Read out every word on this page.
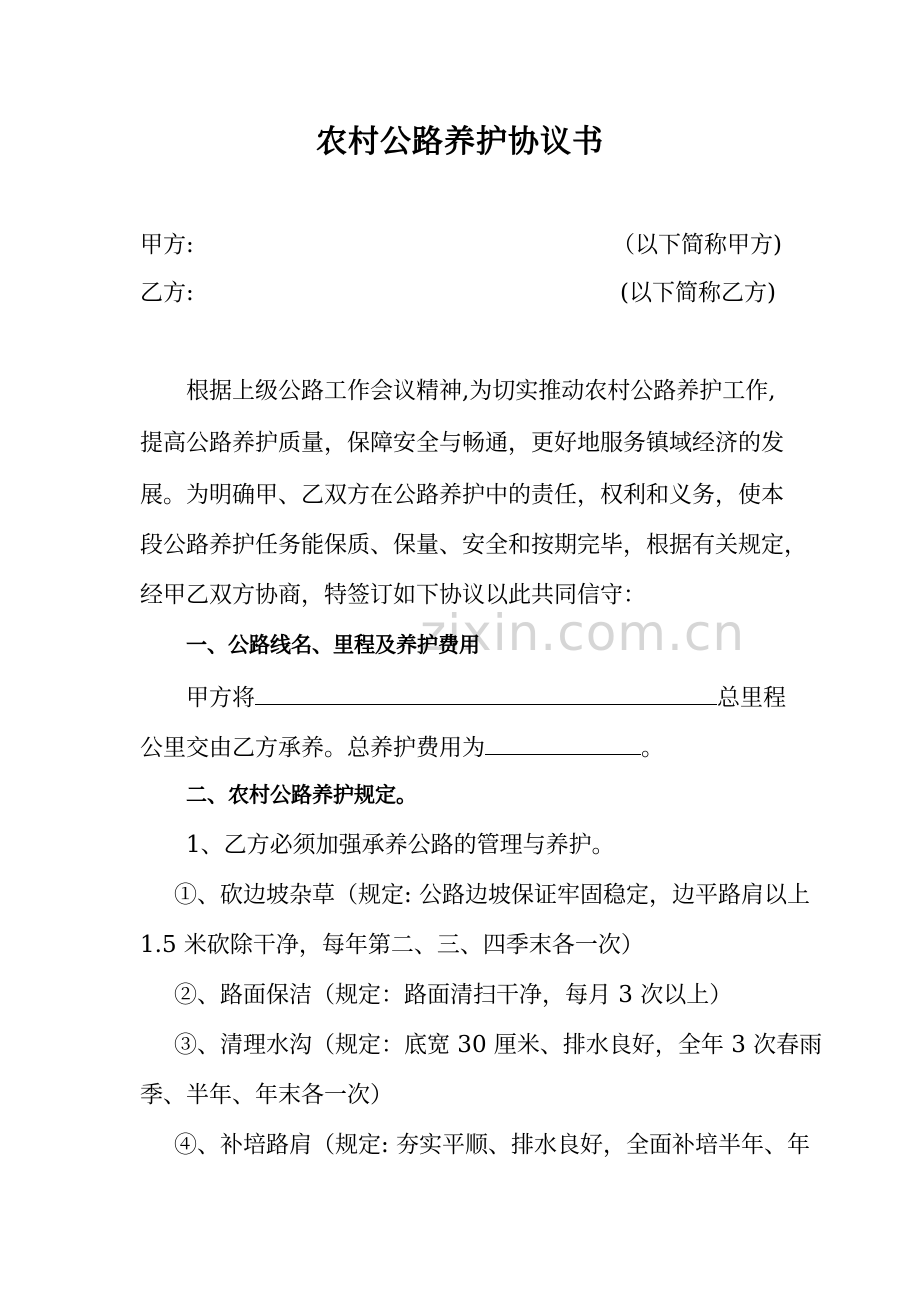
农村公路养护协议书
甲方:	（以下简称甲方)
乙方:	(以下简称乙方)
根据上级公路工作会议精神,为切实推动农村公路养护工作,
提高公路养护质量，保障安全与畅通，更好地服务镇域经济的发
展。为明确甲、乙双方在公路养护中的责任，权利和义务，使本
段公路养护任务能保质、保量、安全和按期完毕，根据有关规定，
经甲乙双方协商，特签订如下协议以此共同信守：
zixin.com.cn
一、公路线名、里程及养护费用
甲方将	总里程
公里交由乙方承养。总养护费用为	。
二、农村公路养护规定。
1、乙方必须加强承养公路的管理与养护。
①、砍边坡杂草（规定: 公路边坡保证牢固稳定，边平路肩以上
1.5 米砍除干净，每年第二、三、四季末各一次）
②、路面保洁（规定：路面清扫干净，每月 3 次以上）
③、清理水沟（规定：底宽 30 厘米、排水良好，全年 3 次春雨
季、半年、年末各一次）
④、补培路肩（规定: 夯实平顺、排水良好，全面补培半年、年
